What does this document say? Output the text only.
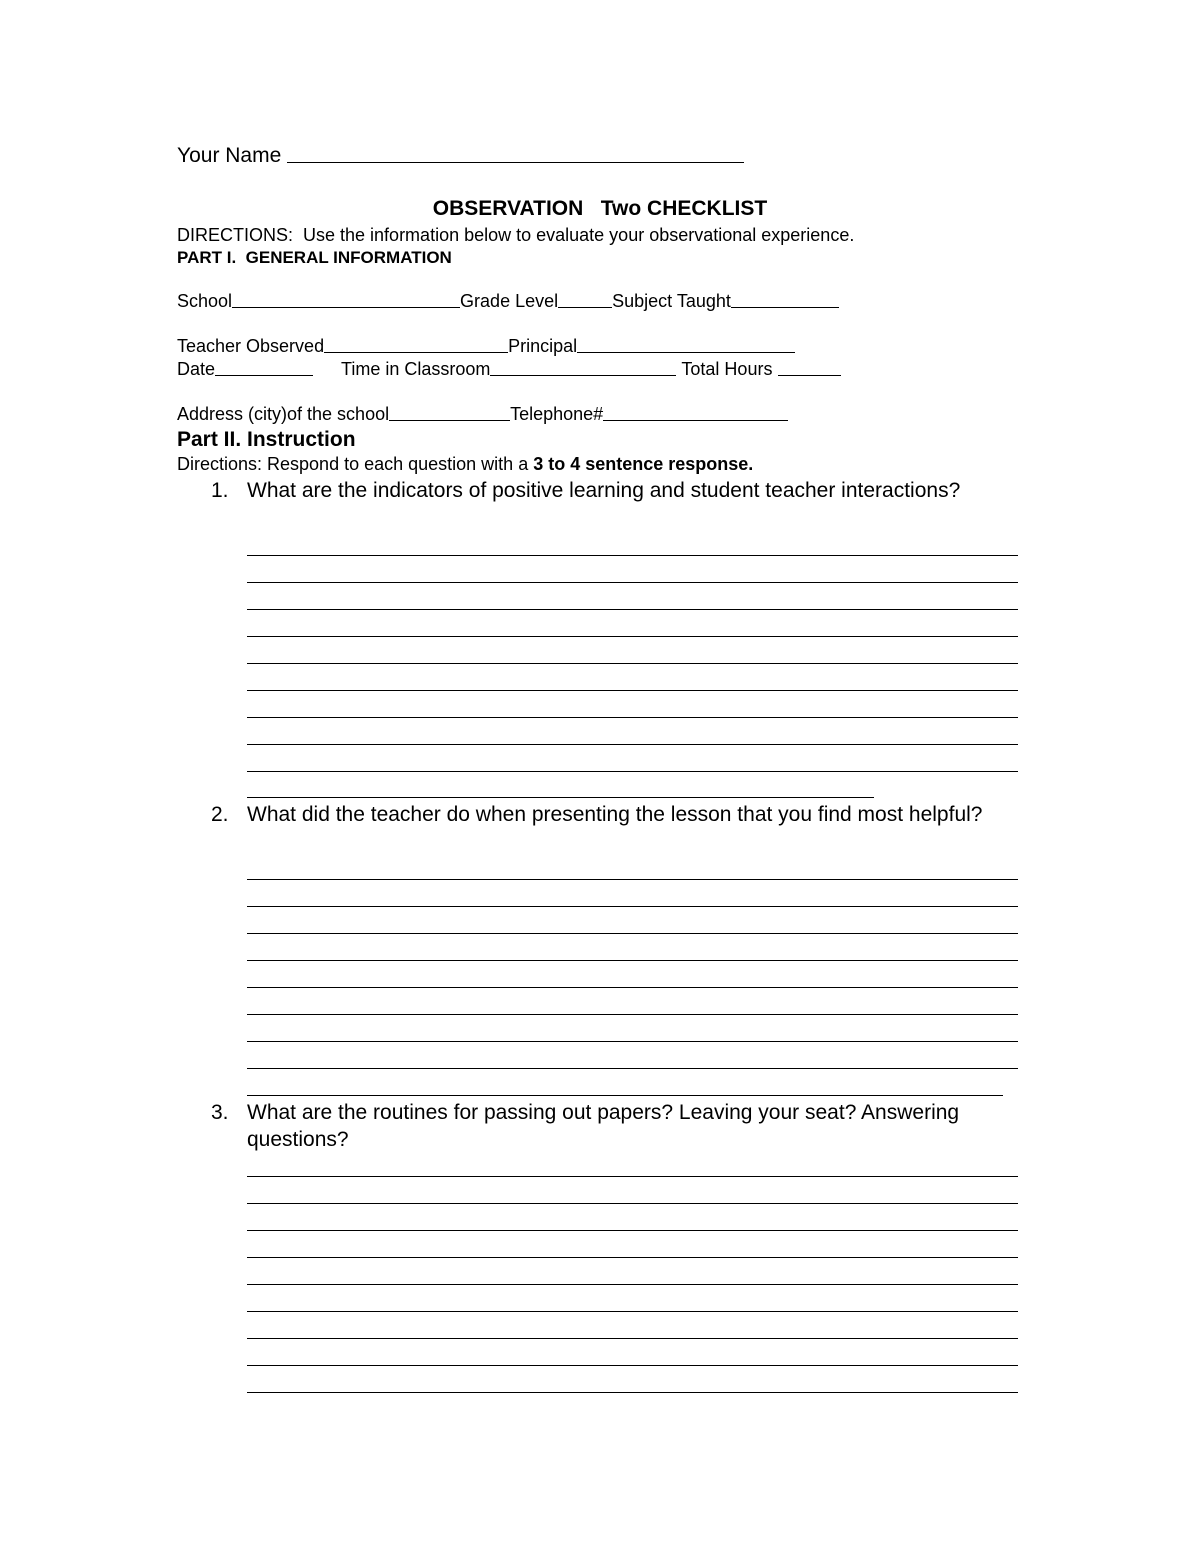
Your Name
OBSERVATION   Two CHECKLIST
DIRECTIONS:  Use the information below to evaluate your observational experience.
PART I.  GENERAL INFORMATION
School	Grade Level	Subject Taught
Teacher Observed	Principal
Date	Time in Classroom	Total Hours
Address (city)of the school	Telephone#
Part II. Instruction
Directions: Respond to each question with a 3 to 4 sentence response.
1. What are the indicators of positive learning and student teacher interactions?
2. What did the teacher do when presenting the lesson that you find most helpful?
3. What are the routines for passing out papers? Leaving your seat? Answering questions?
